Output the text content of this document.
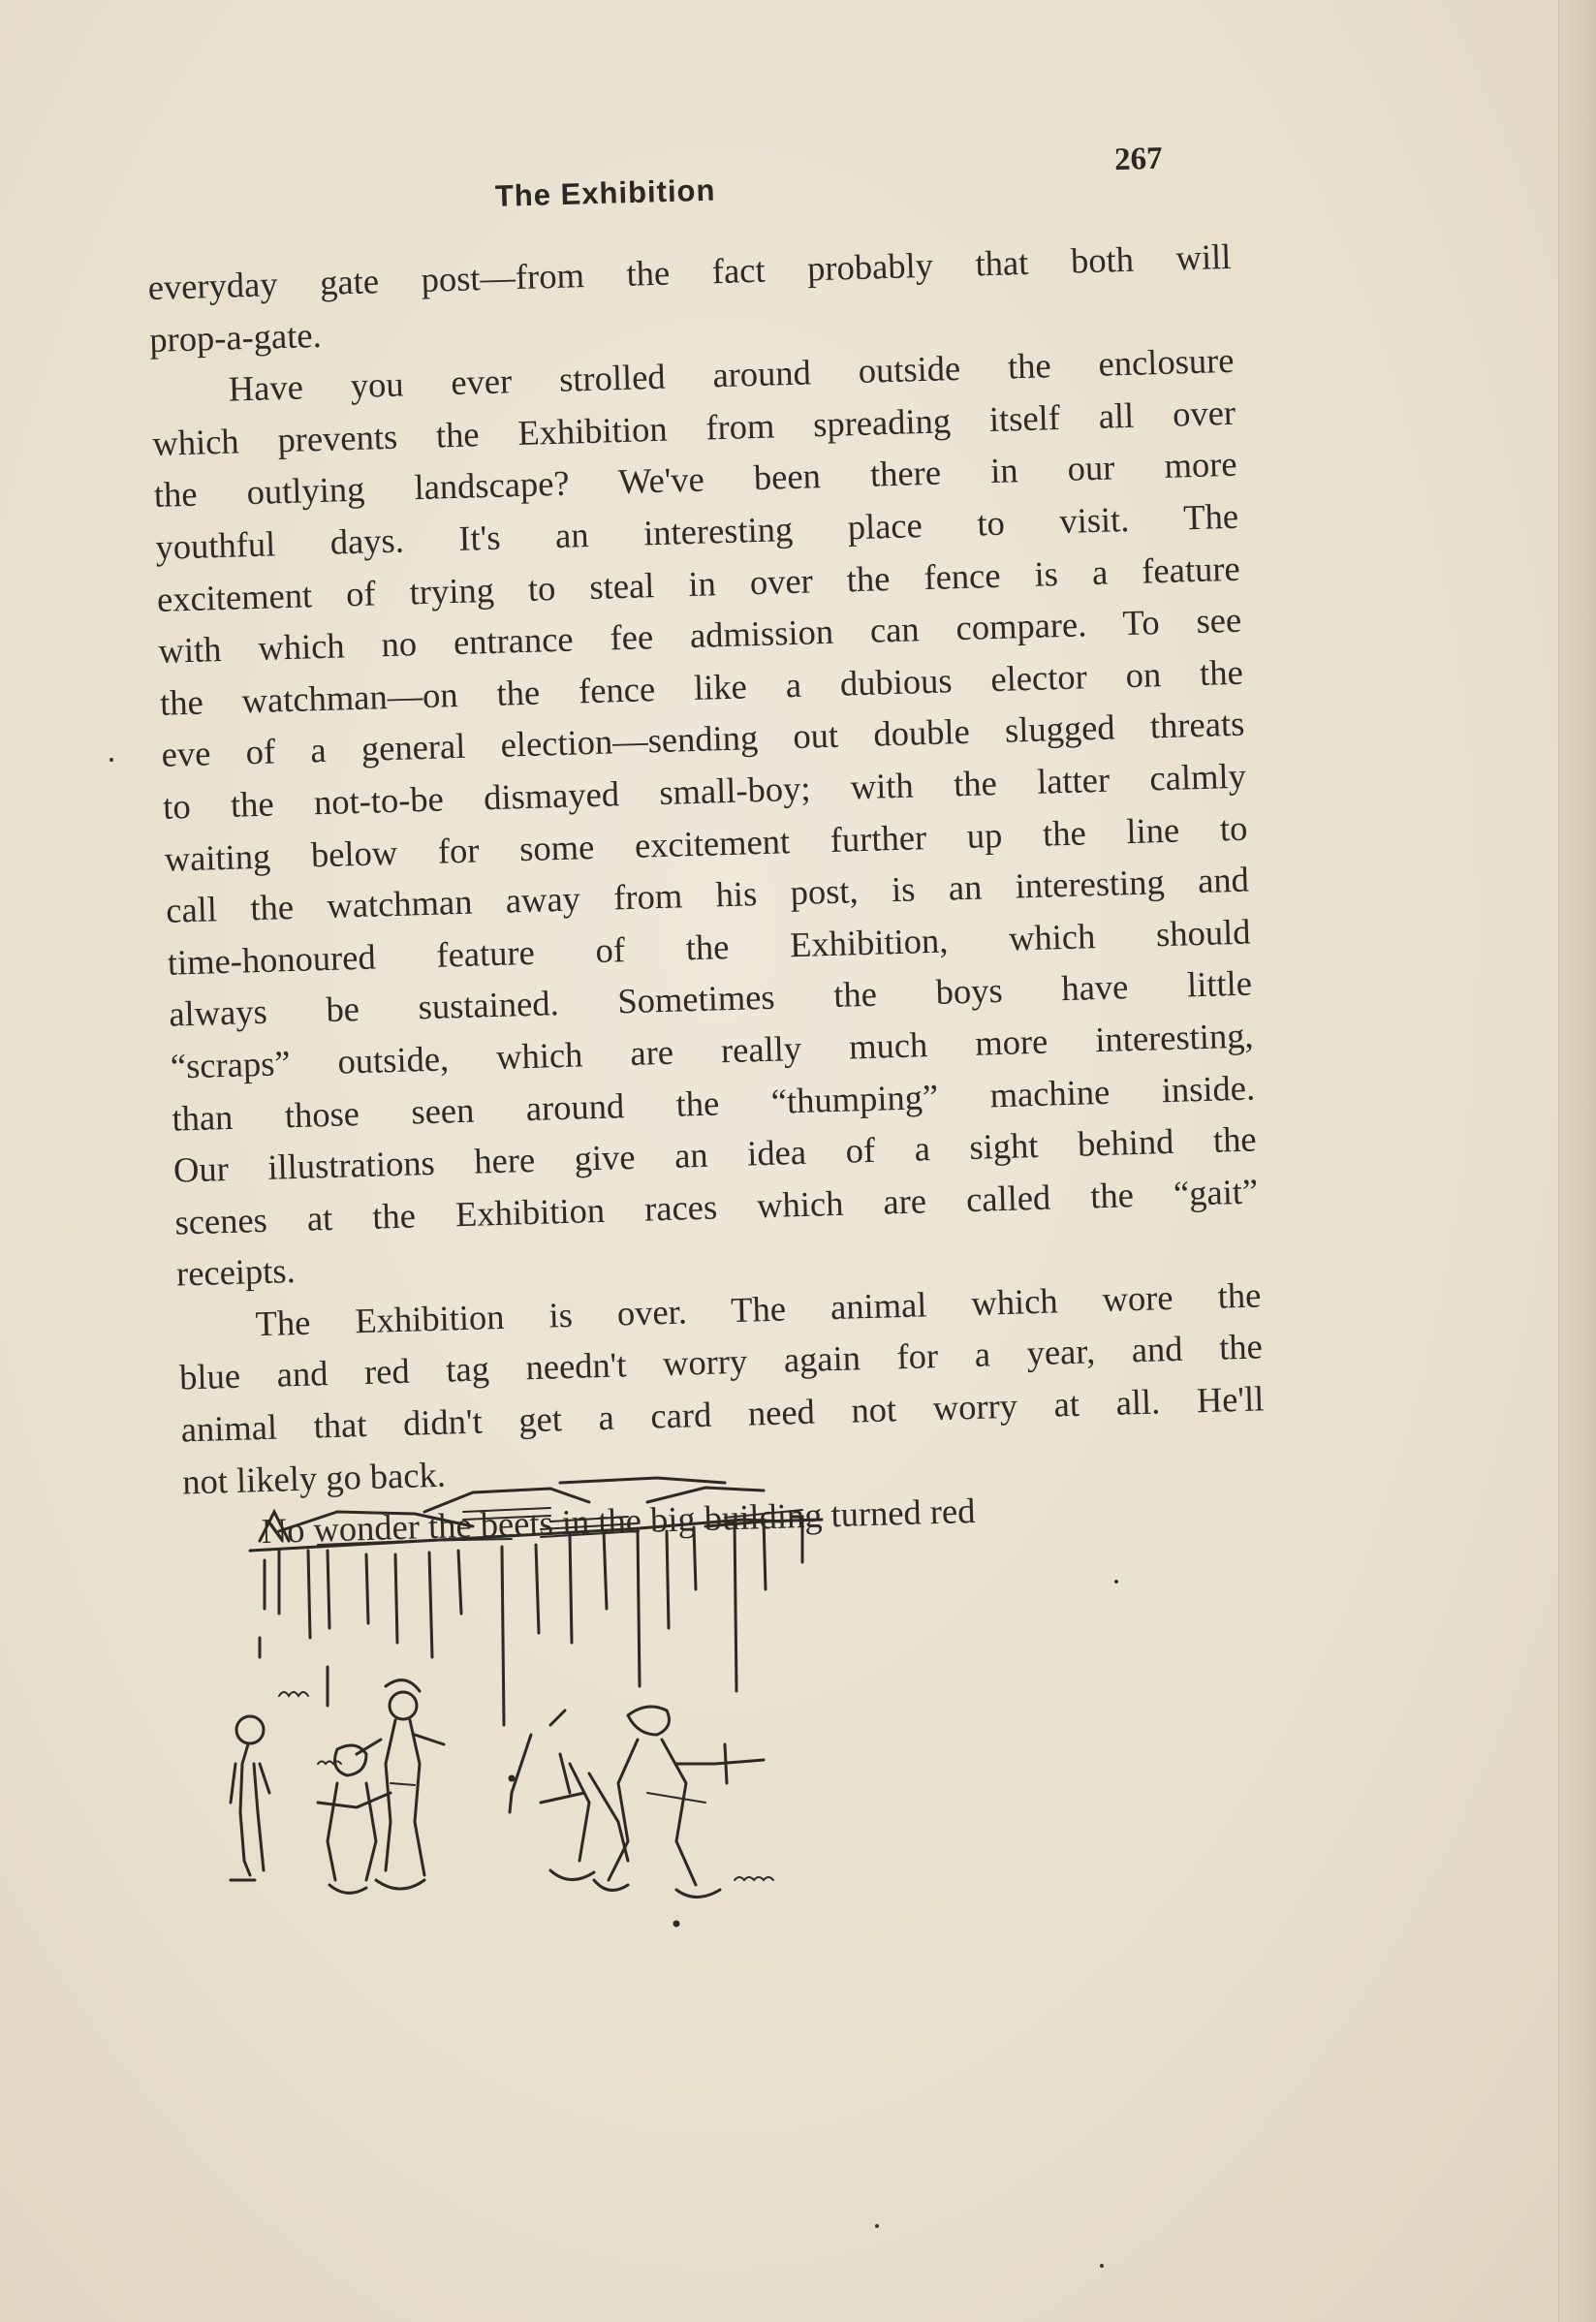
The Exhibition
267

everyday gate post—from the fact probably that both will

prop-a-gate.

Have you ever strolled around outside the enclosure

which prevents the Exhibition from spreading itself all over

the outlying landscape? We've been there in our more

youthful days. It's an interesting place to visit. The

excitement of trying to steal in over the fence is a feature

with which no entrance fee admission can compare. To see

the watchman—on the fence like a dubious elector on the

eve of a general election—sending out double slugged threats

to the not-to-be dismayed small-boy; with the latter calmly

waiting below for some excitement further up the line to

call the watchman away from his post, is an interesting and

time-honoured feature of the Exhibition, which should

always be sustained. Sometimes the boys have little

“scraps” outside, which are really much more interesting,

than those seen around the “thumping” machine inside.

Our illustrations here give an idea of a sight behind the

scenes at the Exhibition races which are called the “gait”

receipts.

The Exhibition is over. The animal which wore the

blue and red tag needn't worry again for a year, and the

animal that didn't get a card need not worry at all. He'll

not likely go back.

No wonder the beets in the big building turned red
